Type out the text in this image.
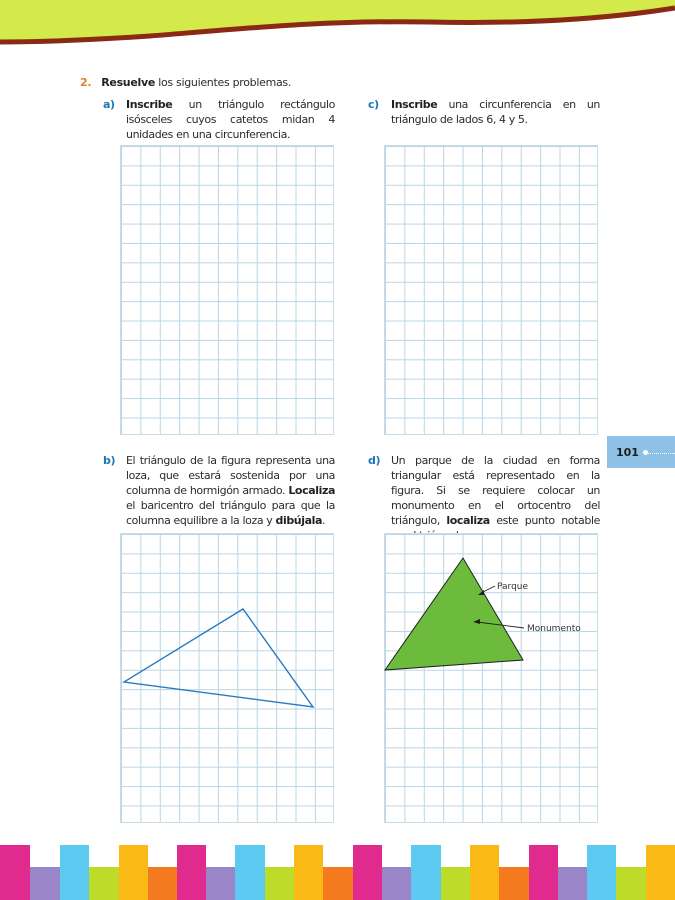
2. Resuelve los siguientes problemas.
a) Inscribe un triángulo rectángulo isósceles cuyos catetos midan 4 unidades en una circunferencia.
c) Inscribe una circunferencia en un triángulo de lados 6, 4 y 5.
b) El triángulo de la figura representa una loza, que estará sostenida por una columna de hormigón armado. Localiza el baricentro del triángulo para que la columna equilibre a la loza y dibújala.
d) Un parque de la ciudad en forma triangular está representado en la figura. Si se requiere colocar un monumento en el ortocentro del triángulo, localiza este punto notable
Parque
Monumento
101
